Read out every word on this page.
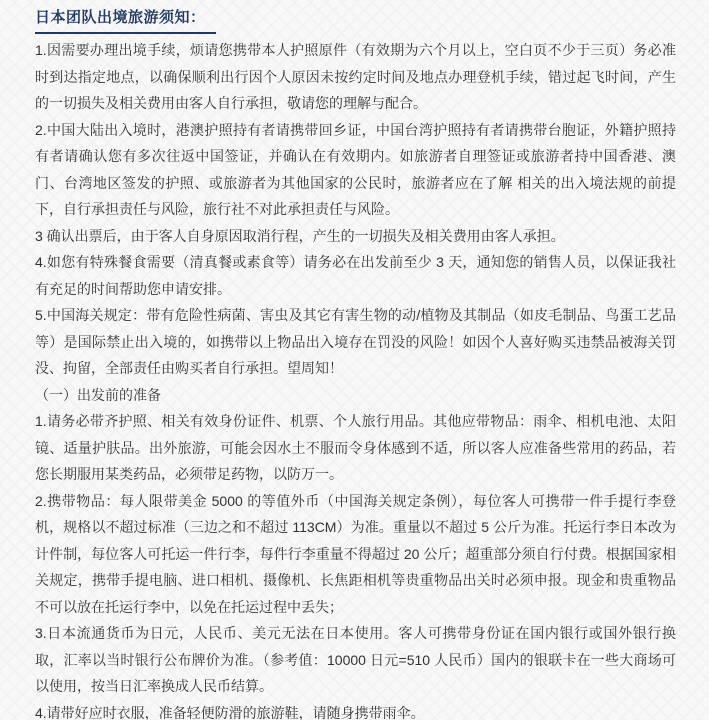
日本团队出境旅游须知：

1.因需要办理出境手续，烦请您携带本人护照原件（有效期为六个月以上，空白页不少于三页）务必准时到达指定地点，以确保顺利出行因个人原因未按约定时间及地点办理登机手续，错过起飞时间，产生的一切损失及相关费用由客人自行承担，敬请您的理解与配合。

2.中国大陆出入境时，港澳护照持有者请携带回乡证，中国台湾护照持有者请携带台胞证，外籍护照持有者请确认您有多次往返中国签证，并确认在有效期内。如旅游者自理签证或旅游者持中国香港、澳门、台湾地区签发的护照、或旅游者为其他国家的公民时，旅游者应在了解 相关的出入境法规的前提下，自行承担责任与风险，旅行社不对此承担责任与风险。

3 确认出票后，由于客人自身原因取消行程，产生的一切损失及相关费用由客人承担。

4.如您有特殊餐食需要（清真餐或素食等）请务必在出发前至少 3 天，通知您的销售人员，以保证我社有充足的时间帮助您申请安排。

5.中国海关规定：带有危险性病菌、害虫及其它有害生物的动/植物及其制品（如皮毛制品、鸟蛋工艺品等）是国际禁止出入境的，如携带以上物品出入境存在罚没的风险！如因个人喜好购买违禁品被海关罚没、拘留，全部责任由购买者自行承担。望周知！

（一）出发前的准备

1.请务必带齐护照、相关有效身份证件、机票、个人旅行用品。其他应带物品：雨伞、相机电池、太阳镜、适量护肤品。出外旅游，可能会因水土不服而令身体感到不适，所以客人应准备些常用的药品，若您长期服用某类药品，必须带足药物，以防万一。

2.携带物品：每人限带美金 5000 的等值外币（中国海关规定条例），每位客人可携带一件手提行李登机，规格以不超过标准（三边之和不超过 113CM）为准。重量以不超过 5 公斤为准。托运行李日本改为计件制，每位客人可托运一件行李，每件行李重量不得超过 20 公斤；超重部分须自行付费。根据国家相关规定，携带手提电脑、进口相机、摄像机、长焦距相机等贵重物品出关时必须申报。现金和贵重物品不可以放在托运行李中，以免在托运过程中丢失；

3.日本流通货币为日元，人民币、美元无法在日本使用。客人可携带身份证在国内银行或国外银行换取，汇率以当时银行公布牌价为准。（参考值：10000 日元=510 人民币）国内的银联卡在一些大商场可以使用，按当日汇率换成人民币结算。

4.请带好应时衣服，准备轻便防滑的旅游鞋，请随身携带雨伞。
